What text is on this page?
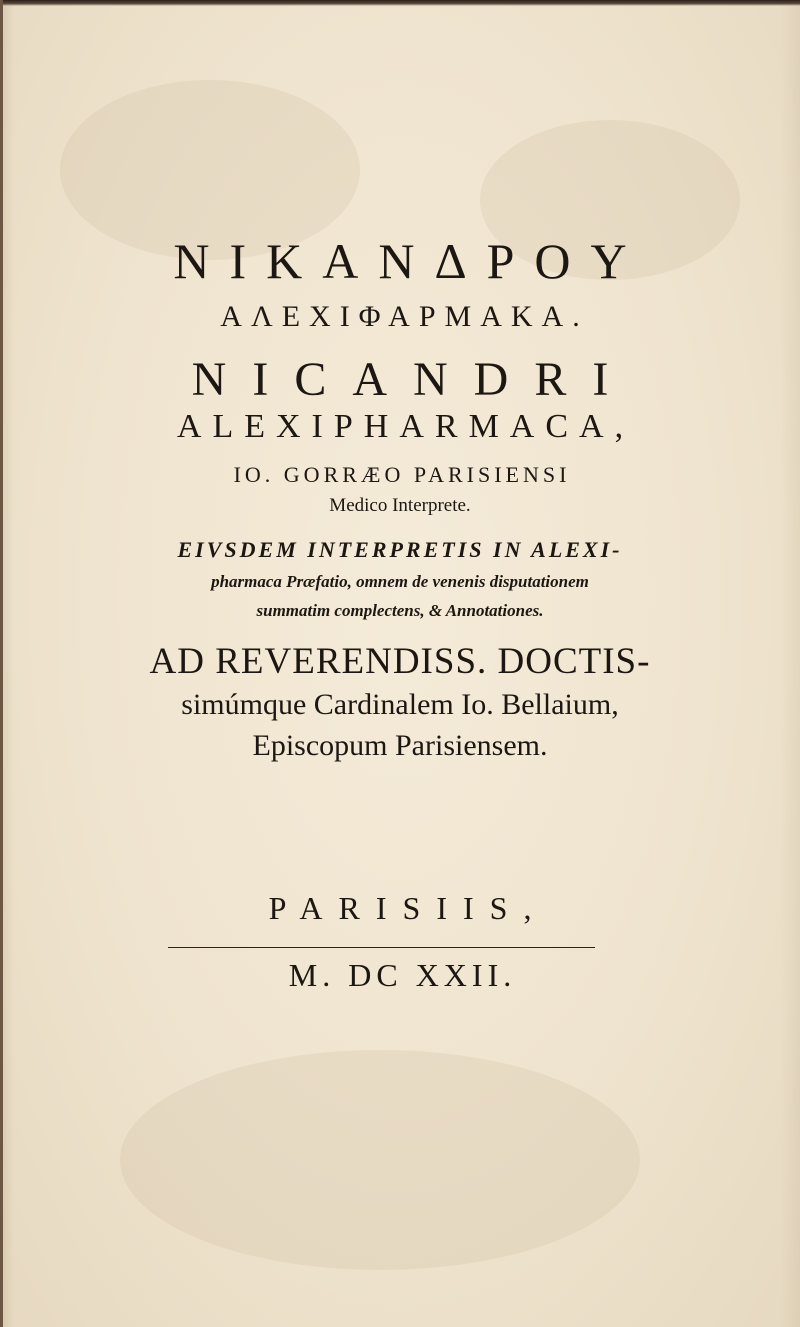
NIKANΔPOY

ΑΛΕΧΙΦΑΡΜΑΚΑ.

NICANDRI

ALEXIPHARMACA,

IO. GORRÆO PARISIENSI

Medico Interprete.

EIVSDEM INTERPRETIS IN ALEXI-

pharmaca Præfatio, omnem de venenis disputationem

summatim complectens, & Annotationes.

AD REVERENDISS. DOCTIS-

simúmque Cardinalem Io. Bellaium,

Episcopum Parisiensem.

PARISIIS,

M. DC XXII.
